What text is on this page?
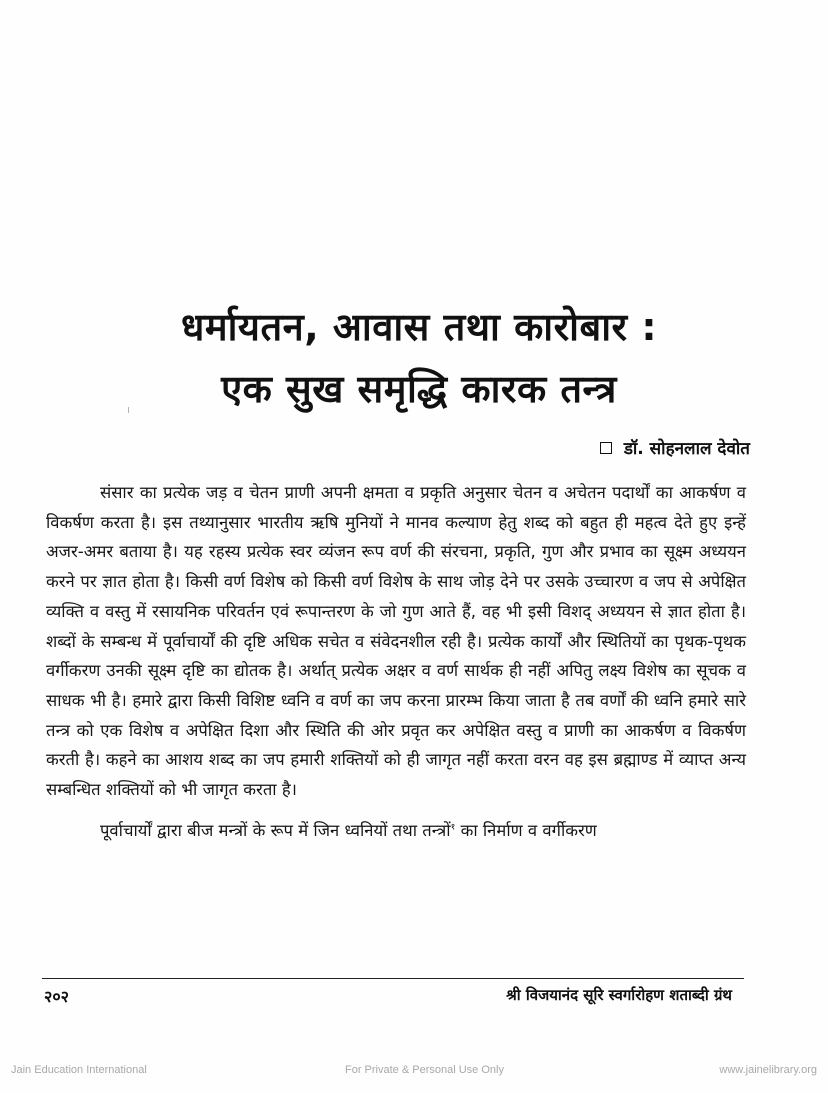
धर्मायतन, आवास तथा कारोबार :
एक सुख समृद्धि कारक तन्त्र
डॉ. सोहनलाल देवोत

संसार का प्रत्येक जड़ व चेतन प्राणी अपनी क्षमता व प्रकृति अनुसार चेतन व अचेतन पदार्थों का आकर्षण व विकर्षण करता है। इस तथ्यानुसार भारतीय ऋषि मुनियों ने मानव कल्याण हेतु शब्द को बहुत ही महत्व देते हुए इन्हें अजर-अमर बताया है। यह रहस्य प्रत्येक स्वर व्यंजन रूप वर्ण की संरचना, प्रकृति, गुण और प्रभाव का सूक्ष्म अध्ययन करने पर ज्ञात होता है। किसी वर्ण विशेष को किसी वर्ण विशेष के साथ जोड़ देने पर उसके उच्चारण व जप से अपेक्षित व्यक्ति व वस्तु में रसायनिक परिवर्तन एवं रूपान्तरण के जो गुण आते हैं, वह भी इसी विशद् अध्ययन से ज्ञात होता है। शब्दों के सम्बन्ध में पूर्वाचार्यों की दृष्टि अधिक सचेत व संवेदनशील रही है। प्रत्येक कार्यों और स्थितियों का पृथक-पृथक वर्गीकरण उनकी सूक्ष्म दृष्टि का द्योतक है। अर्थात् प्रत्येक अक्षर व वर्ण सार्थक ही नहीं अपितु लक्ष्य विशेष का सूचक व साधक भी है। हमारे द्वारा किसी विशिष्ट ध्वनि व वर्ण का जप करना प्रारम्भ किया जाता है तब वर्णों की ध्वनि हमारे सारे तन्त्र को एक विशेष व अपेक्षित दिशा और स्थिति की ओर प्रवृत कर अपेक्षित वस्तु व प्राणी का आकर्षण व विकर्षण करती है। कहने का आशय शब्द का जप हमारी शक्तियों को ही जागृत नहीं करता वरन वह इस ब्रह्माण्ड में व्याप्त अन्य सम्बन्धित शक्तियों को भी जागृत करता है।

पूर्वाचार्यों द्वारा बीज मन्त्रों के रूप में जिन ध्वनियों तथा तन्त्रों$^१$ का निर्माण व वर्गीकरण

२०२	श्री विजयानंद सूरि स्वर्गारोहण शताब्दी ग्रंथ
Jain Education International	For Private & Personal Use Only	www.jainelibrary.org
